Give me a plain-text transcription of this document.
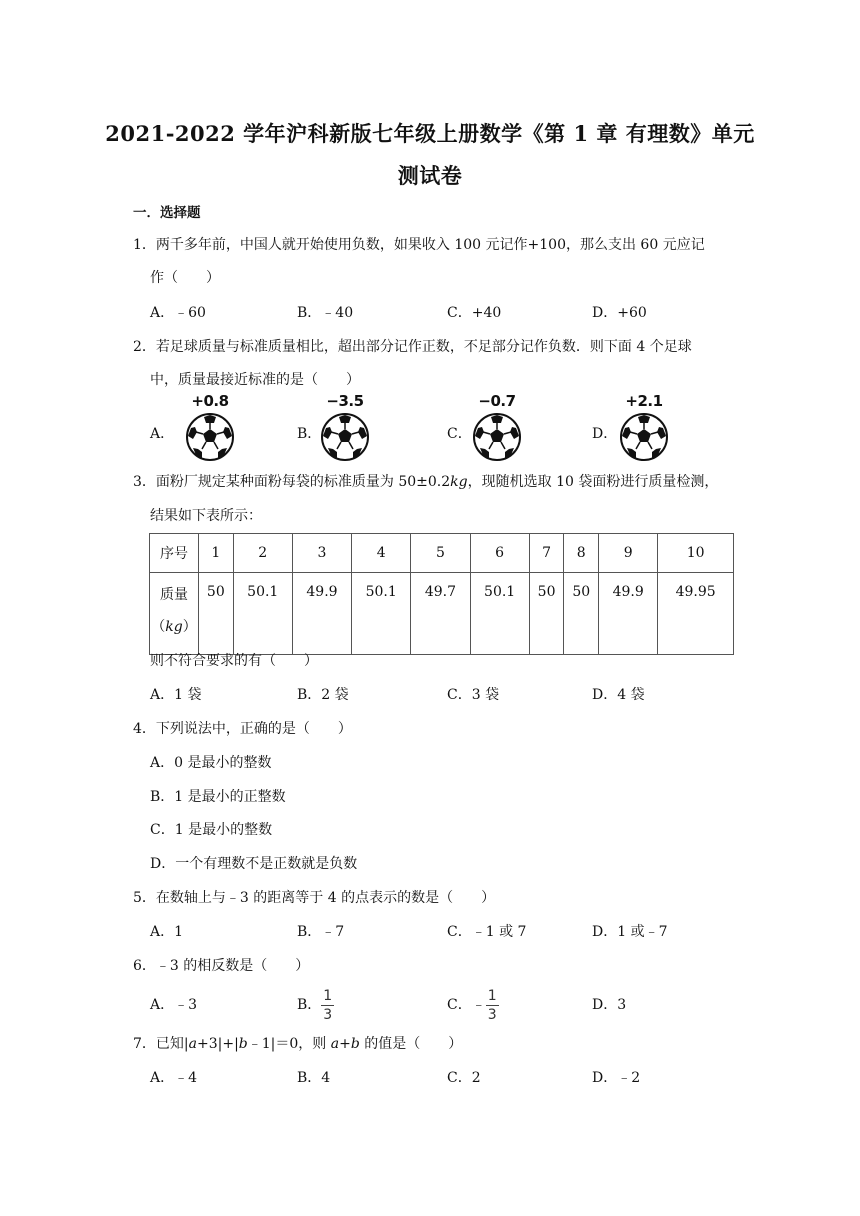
2021-2022 学年沪科新版七年级上册数学《第 1 章 有理数》单元
测试卷
一．选择题
1．两千多年前，中国人就开始使用负数，如果收入 100 元记作+100，那么支出 60 元应记
作（　　）
A．﹣60	B．﹣40	C．+40	D．+60
2．若足球质量与标准质量相比，超出部分记作正数，不足部分记作负数．则下面 4 个足球
中，质量最接近标准的是（　　）
A．
+0.8
B．
−3.5
C．
−0.7
D．
+2.1
3．面粉厂规定某种面粉每袋的标准质量为 50±0.2kg，现随机选取 10 袋面粉进行质量检测，
结果如下表所示：
序号	1	2	3	4	5	6	7	8	9	10

质量
（kg）	50	50.1	49.9	50.1	49.7	50.1	50	50	49.9	49.95
则不符合要求的有（　　）
A．1 袋	B．2 袋	C．3 袋	D．4 袋
4．下列说法中，正确的是（　　）
A．0 是最小的整数
B．1 是最小的正整数
C．1 是最小的整数
D．一个有理数不是正数就是负数
5．在数轴上与﹣3 的距离等于 4 的点表示的数是（　　）
A．1	B．﹣7	C．﹣1 或 7	D．1 或﹣7
6．﹣3 的相反数是（　　）
A．﹣3	B． $\frac{1}{3}$	C．﹣ $\frac{1}{3}$	D．3
7．已知|a+3|+|b﹣1|＝0，则 a+b 的值是（　　）
A．﹣4	B．4	C．2	D．﹣2
